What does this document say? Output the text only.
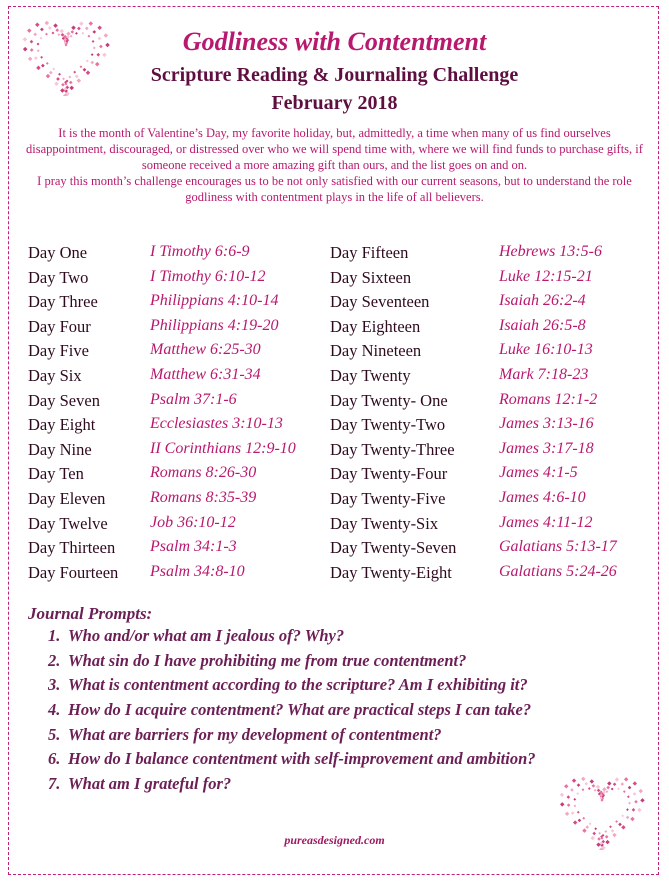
Godliness with Contentment
Scripture Reading & Journaling Challenge
February 2018

It is the month of Valentine’s Day, my favorite holiday, but, admittedly, a time when many of us find ourselves disappointment, discouraged, or distressed over who we will spend time with, where we will find funds to purchase gifts, if someone received a more amazing gift than ours, and the list goes on and on.

I pray this month’s challenge encourages us to be not only satisfied with our current seasons, but to understand the role godliness with contentment plays in the life of all believers.

Day One	I Timothy 6:6-9
Day Two	I Timothy 6:10-12
Day Three	Philippians 4:10-14
Day Four	Philippians 4:19-20
Day Five	Matthew 6:25-30
Day Six	Matthew 6:31-34
Day Seven	Psalm 37:1-6
Day Eight	Ecclesiastes 3:10-13
Day Nine	II Corinthians 12:9-10
Day Ten	Romans 8:26-30
Day Eleven	Romans 8:35-39
Day Twelve	Job 36:10-12
Day Thirteen Psalm 34:1-3
Day Fourteen Psalm 34:8-10
Day Fifteen	Hebrews 13:5-6
Day Sixteen	Luke 12:15-21
Day Seventeen	Isaiah 26:2-4
Day Eighteen	Isaiah 26:5-8
Day Nineteen	Luke 16:10-13
Day Twenty	Mark 7:18-23
Day Twenty- One	Romans 12:1-2
Day Twenty-Two	James 3:13-16
Day Twenty-Three	James 3:17-18
Day Twenty-Four	James 4:1-5
Day Twenty-Five	James 4:6-10
Day Twenty-Six	James 4:11-12
Day Twenty-Seven	Galatians 5:13-17
Day Twenty-Eight	Galatians 5:24-26
Journal Prompts:
1. Who and/or what am I jealous of? Why?
2. What sin do I have prohibiting me from true contentment?
3. What is contentment according to the scripture? Am I exhibiting it?
4. How do I acquire contentment? What are practical steps I can take?
5. What are barriers for my development of contentment?
6. How do I balance contentment with self-improvement and ambition?
7. What am I grateful for?
pureasdesigned.com
